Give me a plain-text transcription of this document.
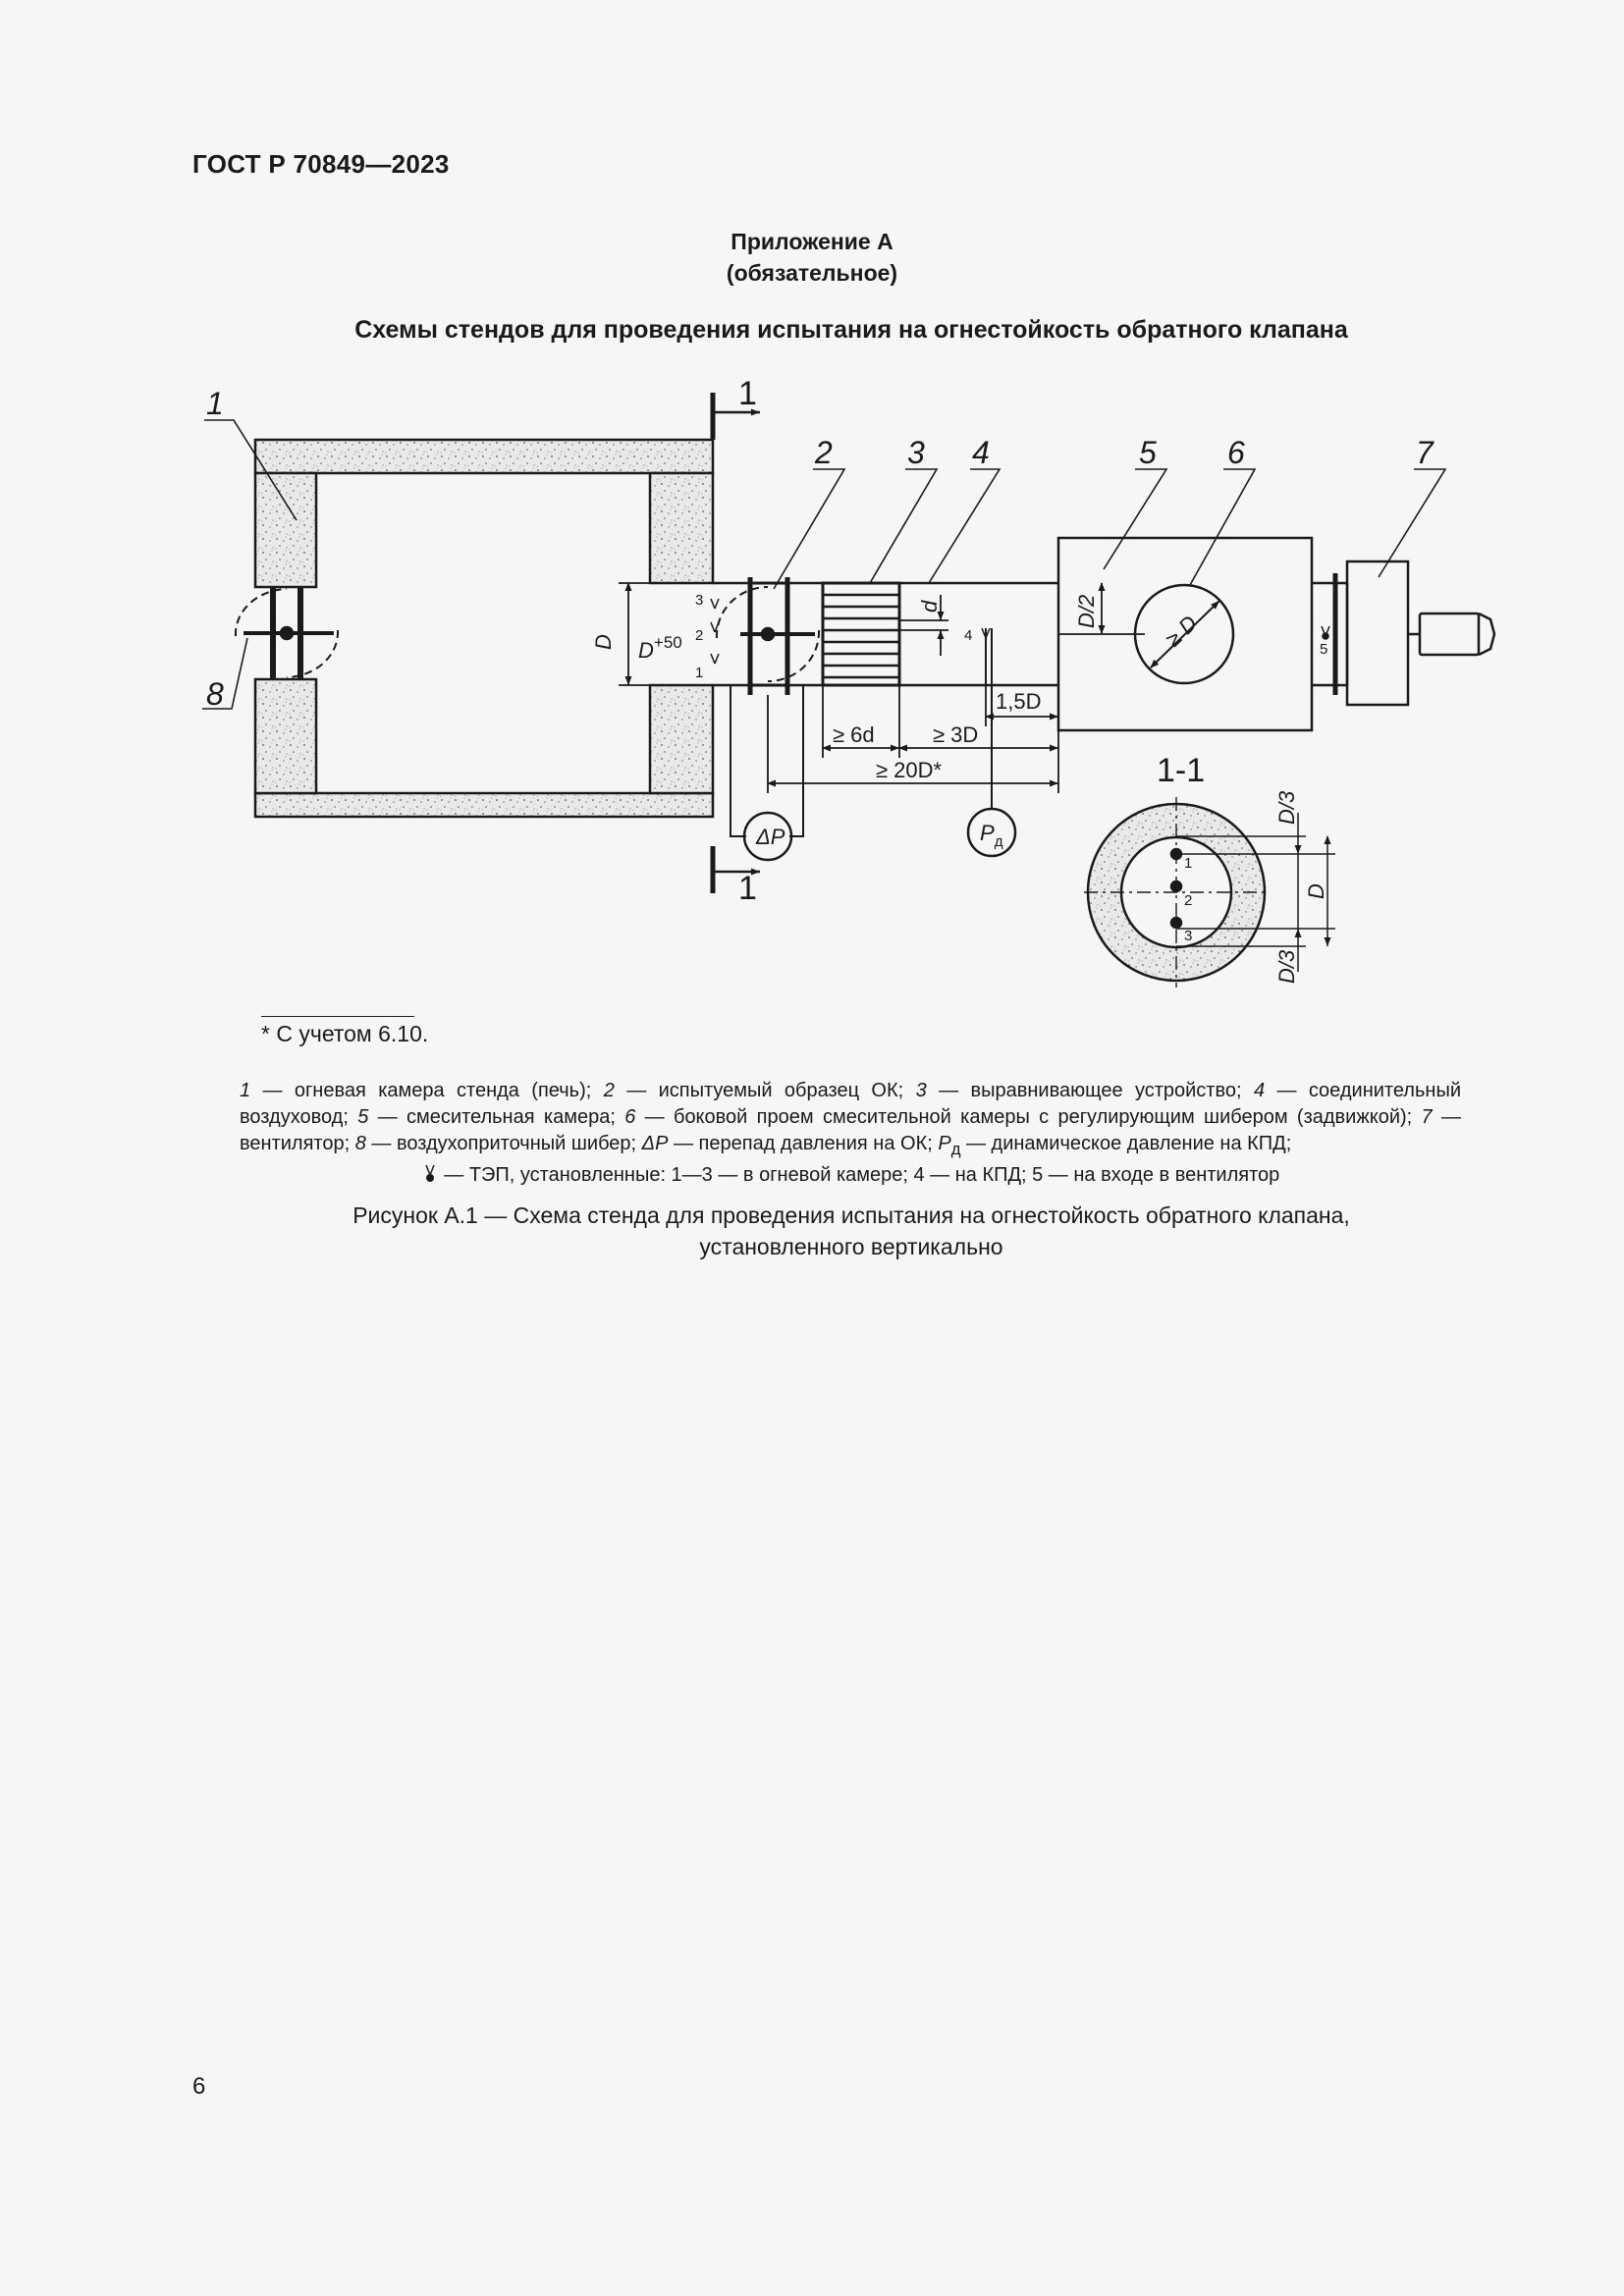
ГОСТ Р 70849—2023
Приложение А
(обязательное)
Схемы стендов для проведения испытания на огнестойкость обратного клапана
1
2 3 4	5 6	7
8
1
1
1-1
D $D^{+50}$
d	D/2	≥ D
1,5D
≥ 6d	≥ 3D
≥ 20D*
D/3
D/3
D
ΔP	$P_д$
3
2
1
4
5
1
2
3
* С учетом 6.10.
1 — огневая камера стенда (печь); 2 — испытуемый образец ОК; 3 — выравнивающее устройство; 4 — соединительный воздуховод; 5 — смесительная камера; 6 — боковой проем смесительной камеры с регулирующим шибером (задвижкой); 7 — вентилятор; 8 — воздухоприточный шибер; ΔP — перепад давления на ОК; $P_д$ — динамическое давление на КПД;
— ТЭП, установленные: 1—3 — в огневой камере; 4 — на КПД; 5 — на входе в вентилятор
Рисунок А.1 — Схема стенда для проведения испытания на огнестойкость обратного клапана,
установленного вертикально
6
